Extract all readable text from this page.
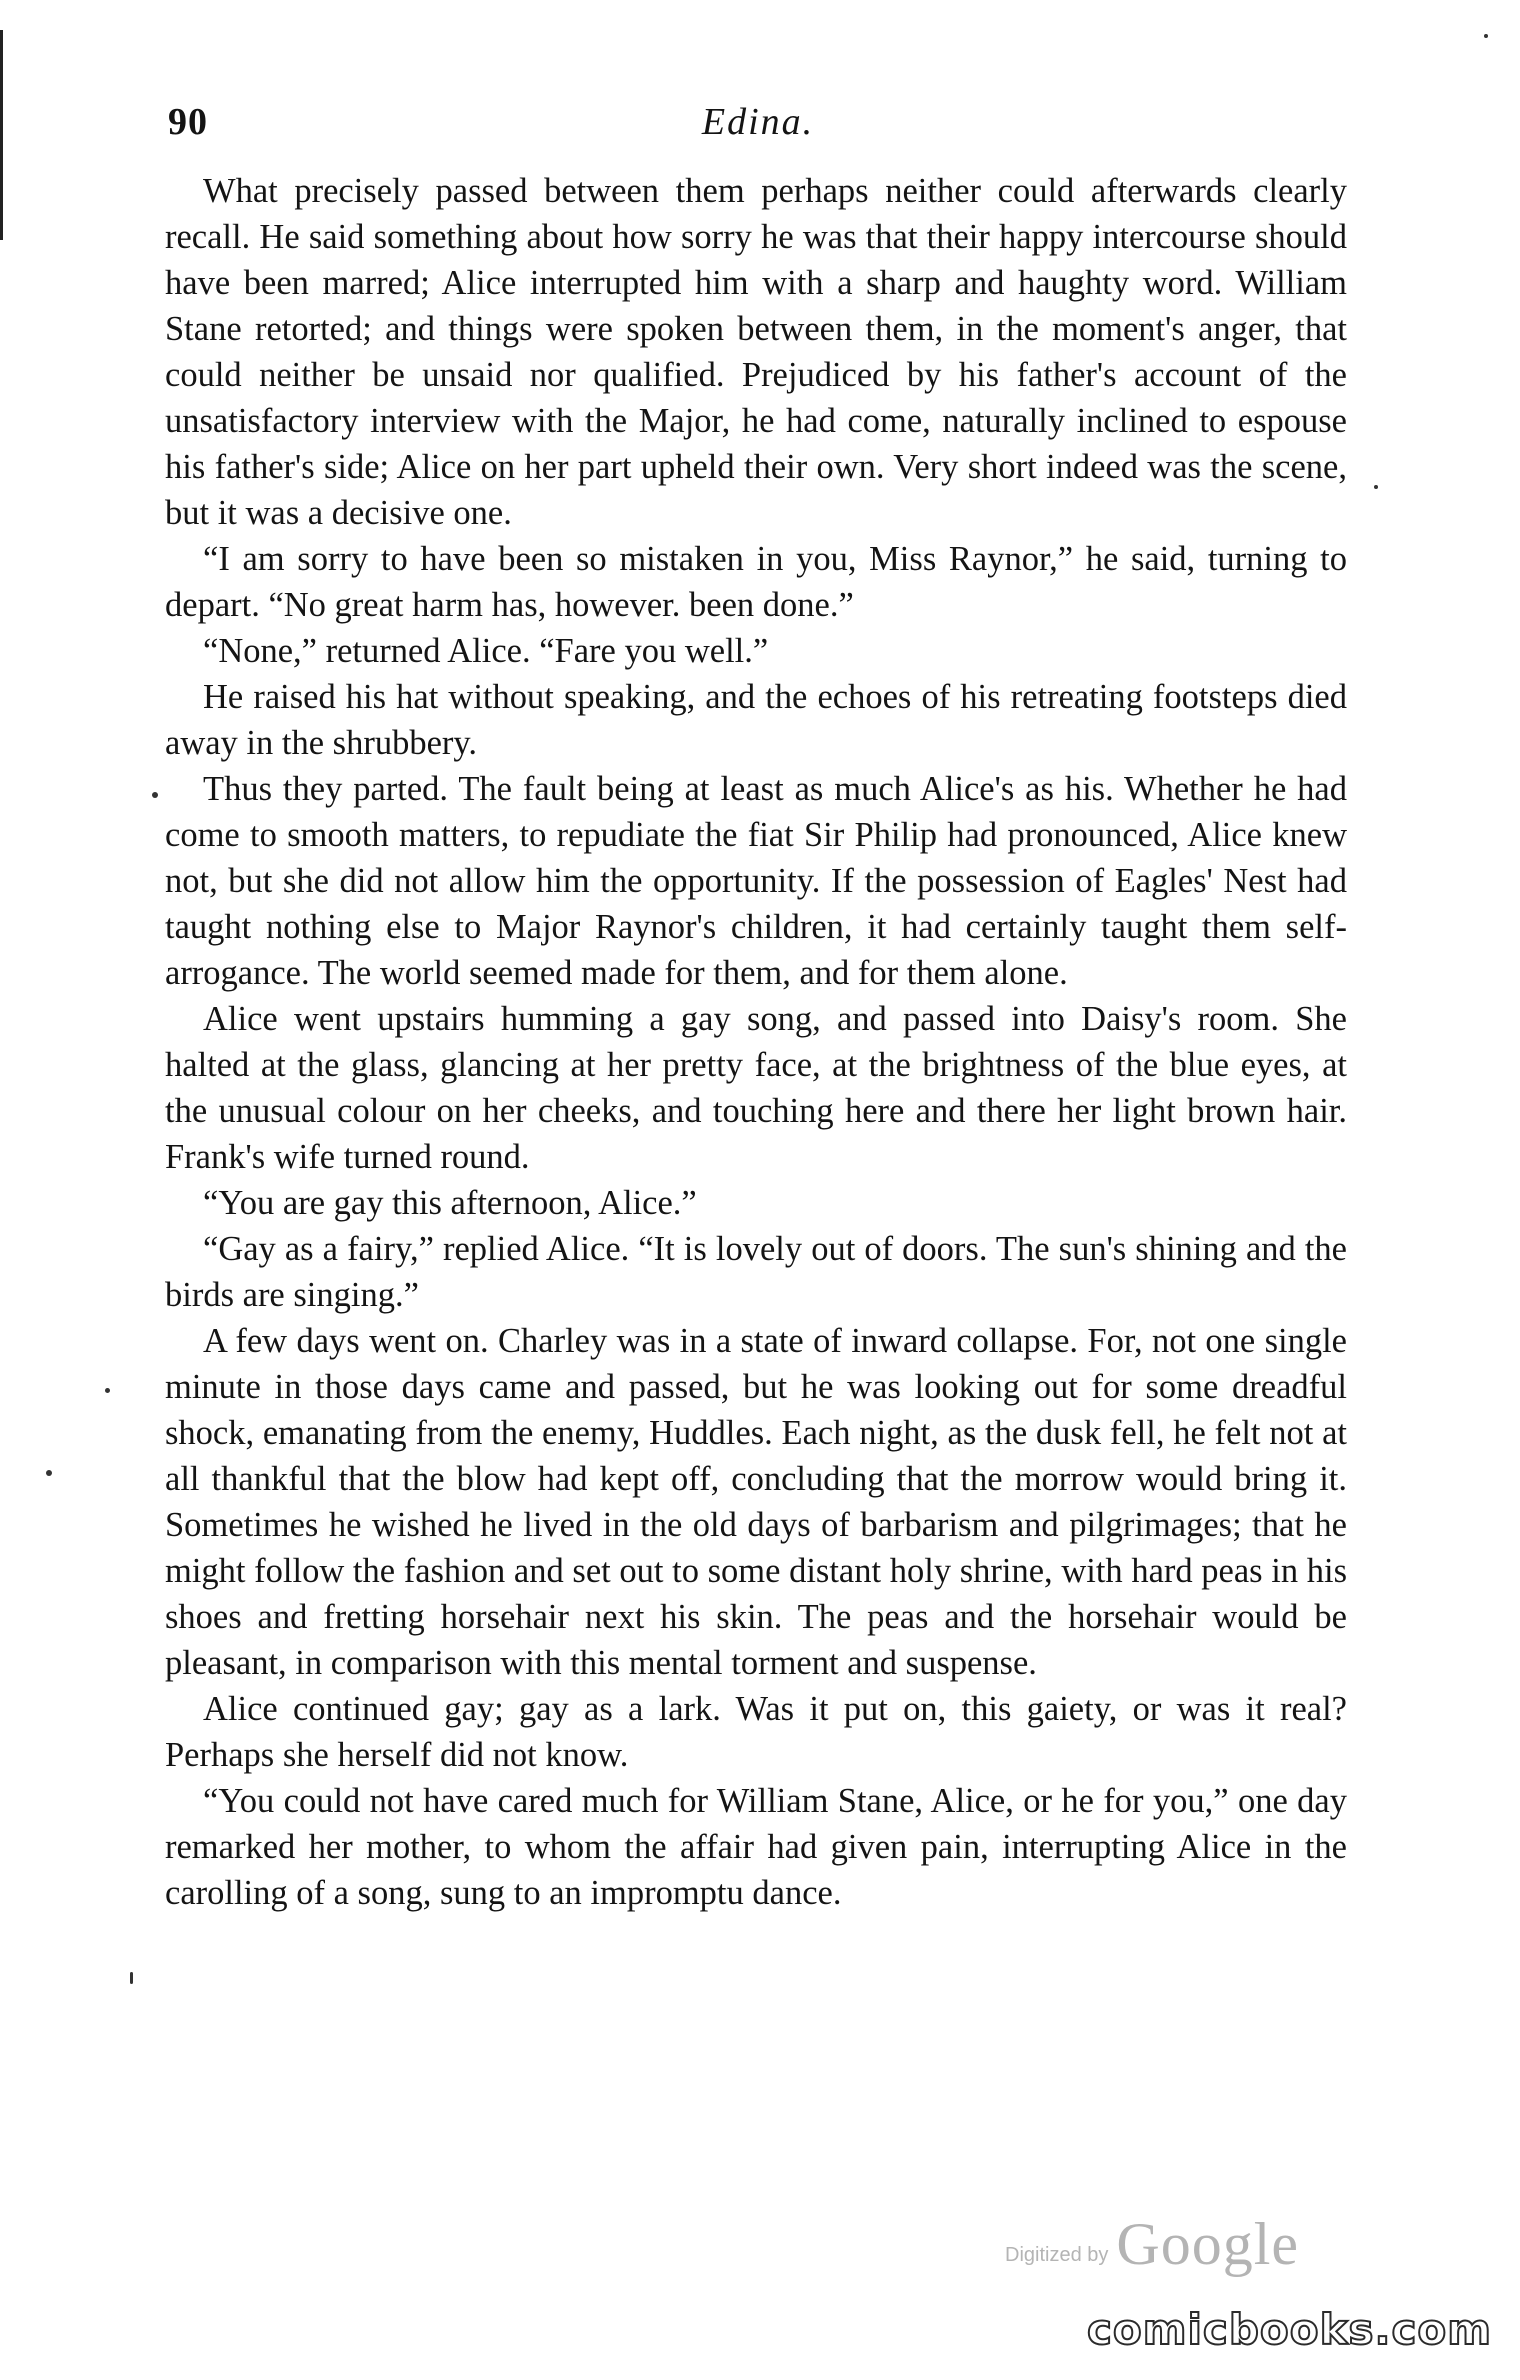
90	Edina.

What precisely passed between them perhaps neither could afterwards clearly recall. He said something about how sorry he was that their happy intercourse should have been marred; Alice interrupted him with a sharp and haughty word. William Stane retorted; and things were spoken between them, in the moment's anger, that could neither be unsaid nor qualified. Prejudiced by his father's account of the unsatisfactory interview with the Major, he had come, naturally inclined to espouse his father's side; Alice on her part upheld their own. Very short indeed was the scene, but it was a decisive one.

“I am sorry to have been so mistaken in you, Miss Raynor,” he said, turning to depart. “No great harm has, however. been done.”

“None,” returned Alice. “Fare you well.”

He raised his hat without speaking, and the echoes of his retreating footsteps died away in the shrubbery.

Thus they parted. The fault being at least as much Alice's as his. Whether he had come to smooth matters, to repudiate the fiat Sir Philip had pronounced, Alice knew not, but she did not allow him the opportunity. If the possession of Eagles' Nest had taught nothing else to Major Raynor's children, it had certainly taught them self-arrogance. The world seemed made for them, and for them alone.

Alice went upstairs humming a gay song, and passed into Daisy's room. She halted at the glass, glancing at her pretty face, at the brightness of the blue eyes, at the unusual colour on her cheeks, and touching here and there her light brown hair. Frank's wife turned round.

“You are gay this afternoon, Alice.”

“Gay as a fairy,” replied Alice. “It is lovely out of doors. The sun's shining and the birds are singing.”

A few days went on. Charley was in a state of inward collapse. For, not one single minute in those days came and passed, but he was looking out for some dreadful shock, emanating from the enemy, Huddles. Each night, as the dusk fell, he felt not at all thankful that the blow had kept off, concluding that the morrow would bring it. Sometimes he wished he lived in the old days of barbarism and pilgrimages; that he might follow the fashion and set out to some distant holy shrine, with hard peas in his shoes and fretting horsehair next his skin. The peas and the horsehair would be pleasant, in comparison with this mental torment and suspense.

Alice continued gay; gay as a lark. Was it put on, this gaiety, or was it real? Perhaps she herself did not know.

“You could not have cared much for William Stane, Alice, or he for you,” one day remarked her mother, to whom the affair had given pain, interrupting Alice in the carolling of a song, sung to an impromptu dance.

Digitized by Google
comicbooks.com
